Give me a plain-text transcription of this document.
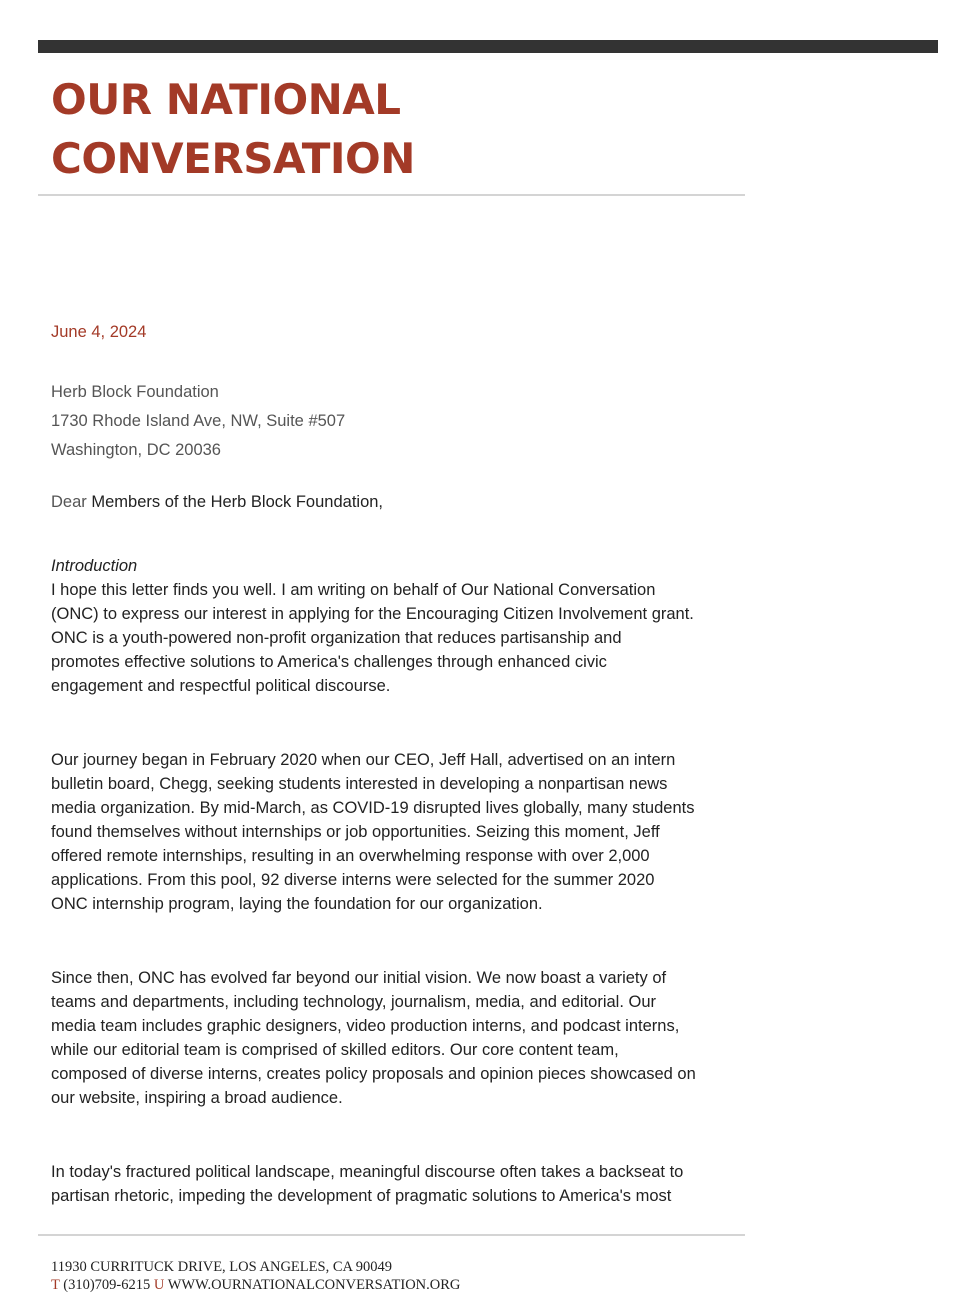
OUR NATIONAL
CONVERSATION
June 4, 2024
Herb Block Foundation
1730 Rhode Island Ave, NW, Suite #507
Washington, DC 20036
Dear Members of the Herb Block Foundation,
Introduction
I hope this letter finds you well. I am writing on behalf of Our National Conversation
(ONC) to express our interest in applying for the Encouraging Citizen Involvement grant.
ONC is a youth-powered non-profit organization that reduces partisanship and
promotes effective solutions to America's challenges through enhanced civic
engagement and respectful political discourse.
Our journey began in February 2020 when our CEO, Jeff Hall, advertised on an intern
bulletin board, Chegg, seeking students interested in developing a nonpartisan news
media organization. By mid-March, as COVID-19 disrupted lives globally, many students
found themselves without internships or job opportunities. Seizing this moment, Jeff
offered remote internships, resulting in an overwhelming response with over 2,000
applications. From this pool, 92 diverse interns were selected for the summer 2020
ONC internship program, laying the foundation for our organization.
Since then, ONC has evolved far beyond our initial vision. We now boast a variety of
teams and departments, including technology, journalism, media, and editorial. Our
media team includes graphic designers, video production interns, and podcast interns,
while our editorial team is comprised of skilled editors. Our core content team,
composed of diverse interns, creates policy proposals and opinion pieces showcased on
our website, inspiring a broad audience.
In today's fractured political landscape, meaningful discourse often takes a backseat to
partisan rhetoric, impeding the development of pragmatic solutions to America's most
11930 CURRITUCK DRIVE, LOS ANGELES, CA 90049
T (310)709-6215 U WWW.OURNATIONALCONVERSATION.ORG
